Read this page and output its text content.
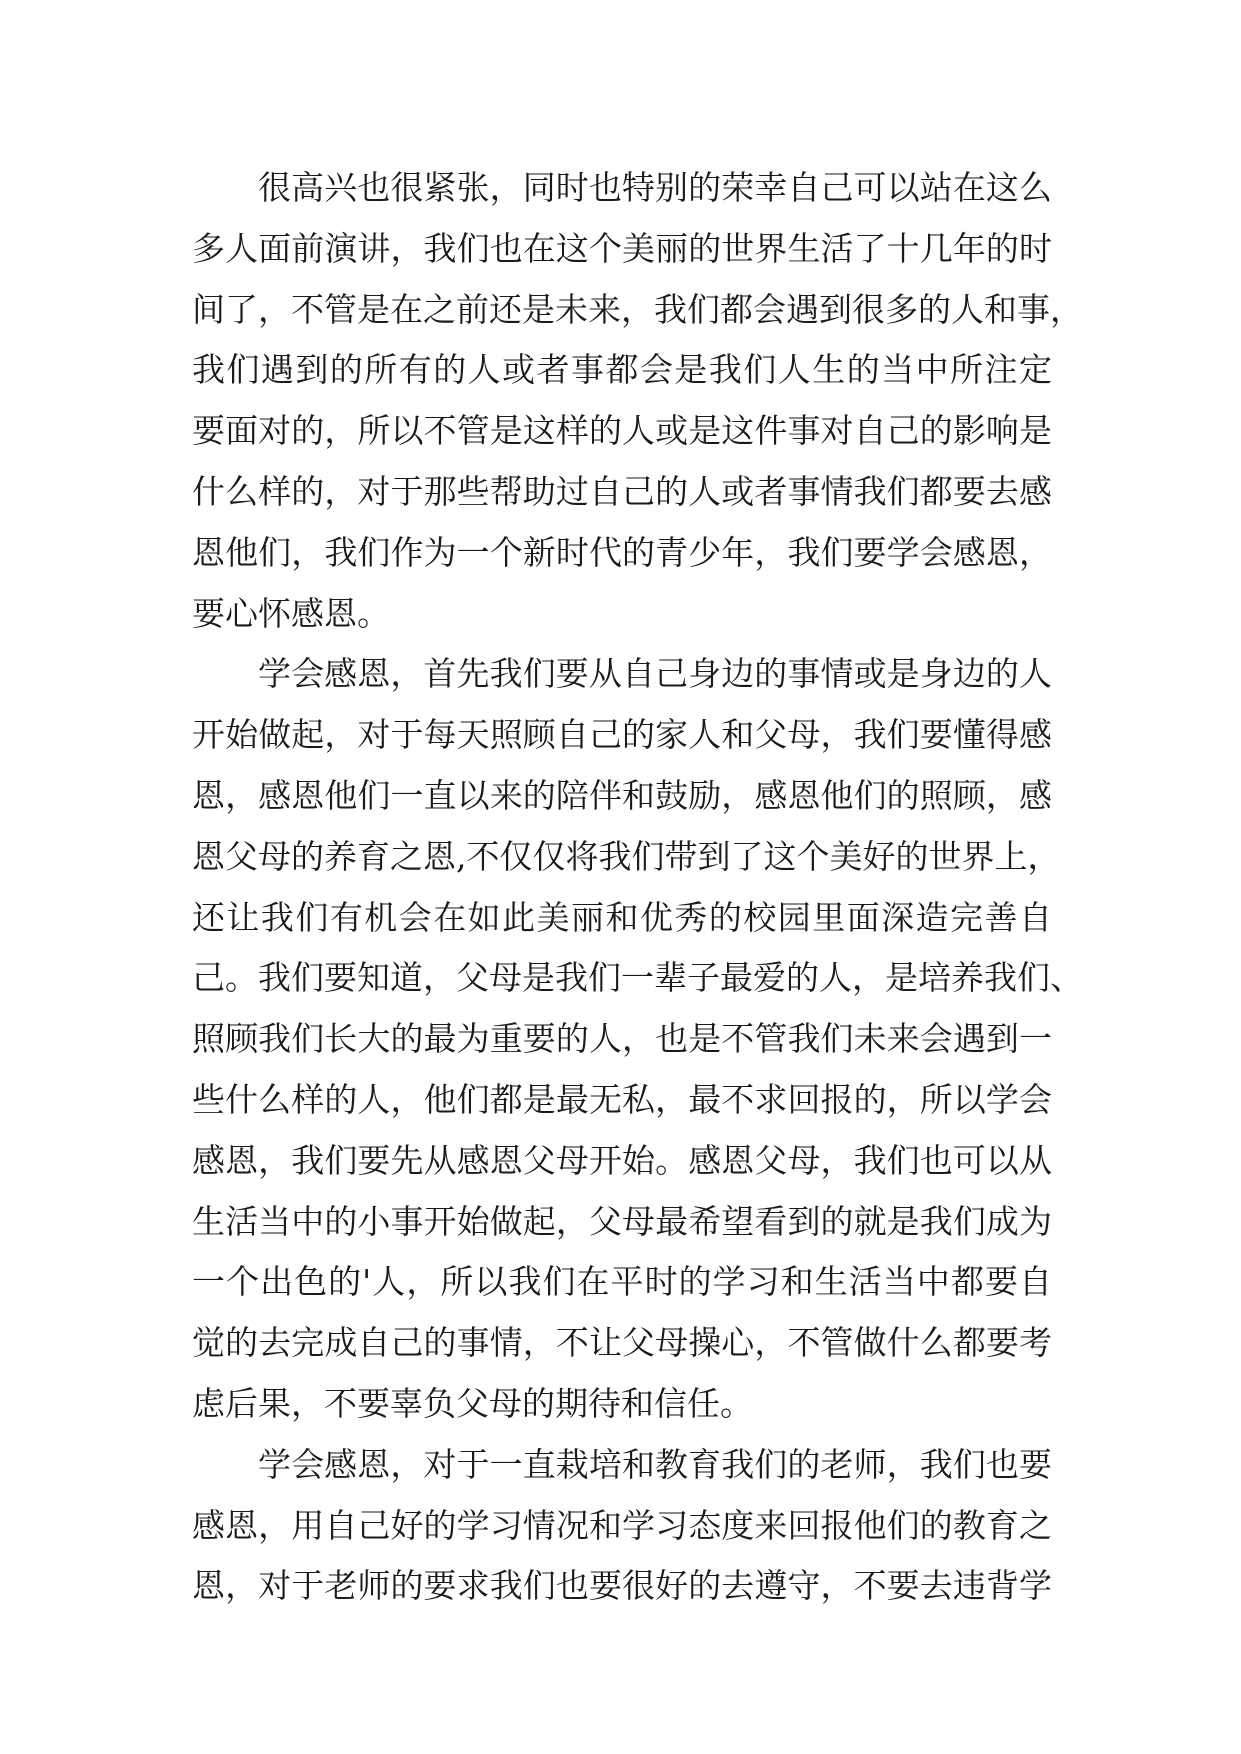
很高兴也很紧张，同时也特别的荣幸自己可以站在这么
多人面前演讲，我们也在这个美丽的世界生活了十几年的时
间了，不管是在之前还是未来，我们都会遇到很多的人和事，
我们遇到的所有的人或者事都会是我们人生的当中所注定
要面对的，所以不管是这样的人或是这件事对自己的影响是
什么样的，对于那些帮助过自己的人或者事情我们都要去感
恩他们，我们作为一个新时代的青少年，我们要学会感恩，
要心怀感恩。
学会感恩，首先我们要从自己身边的事情或是身边的人
开始做起，对于每天照顾自己的家人和父母，我们要懂得感
恩，感恩他们一直以来的陪伴和鼓励，感恩他们的照顾，感
恩父母的养育之恩,不仅仅将我们带到了这个美好的世界上，
还让我们有机会在如此美丽和优秀的校园里面深造完善自
己。我们要知道，父母是我们一辈子最爱的人，是培养我们、
照顾我们长大的最为重要的人，也是不管我们未来会遇到一
些什么样的人，他们都是最无私，最不求回报的，所以学会
感恩，我们要先从感恩父母开始。感恩父母，我们也可以从
生活当中的小事开始做起，父母最希望看到的就是我们成为
一个出色的'人，所以我们在平时的学习和生活当中都要自
觉的去完成自己的事情，不让父母操心，不管做什么都要考
虑后果，不要辜负父母的期待和信任。
学会感恩，对于一直栽培和教育我们的老师，我们也要
感恩，用自己好的学习情况和学习态度来回报他们的教育之
恩，对于老师的要求我们也要很好的去遵守，不要去违背学
